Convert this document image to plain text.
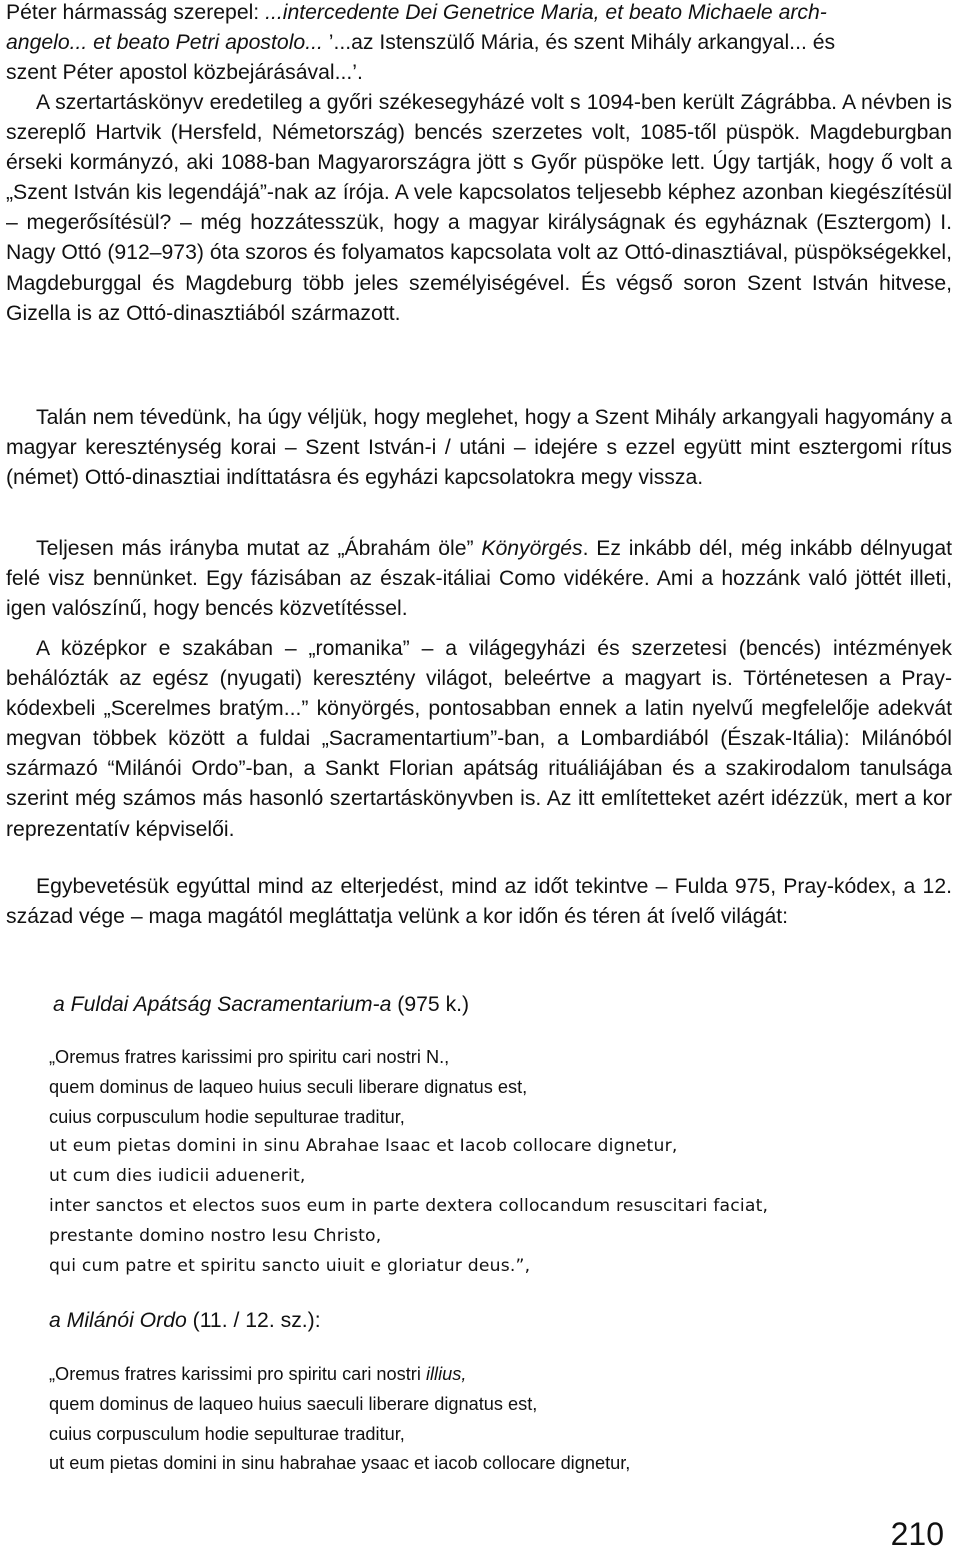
Péter hármasság szerepel: ...intercedente Dei Genetrice Maria, et beato Michaele arch-

angelo... et beato Petri apostolo... ’...az Istenszülő Mária, és szent Mihály arkangyal... és

szent Péter apostol közbejárásával...’.

A szertartáskönyv eredetileg a győri székesegyházé volt s 1094-ben került Zágrábba. A névben is szereplő Hartvik (Hersfeld, Németország) bencés szerzetes volt, 1085-től püspök. Magdeburgban érseki kormányzó, aki 1088-ban Magyarországra jött s Győr püspöke lett. Úgy tartják, hogy ő volt a „Szent István kis legendájá”-nak az írója. A vele kapcsolatos teljesebb képhez azonban kiegészítésül – megerősítésül? – még hozzátesszük, hogy a magyar királyságnak és egyháznak (Esztergom) I. Nagy Ottó (912–973) óta szoros és folyamatos kapcsolata volt az Ottó-dinasztiával, püspökségekkel, Magdeburggal és Magdeburg több jeles személyiségével. És végső soron Szent István hitvese, Gizella is az Ottó-dinasztiából származott.
Talán nem tévedünk, ha úgy véljük, hogy meglehet, hogy a Szent Mihály arkangyali hagyomány a magyar kereszténység korai – Szent István-i / utáni – idejére s ezzel együtt mint esztergomi rítus (német) Ottó-dinasztiai indíttatásra és egyházi kapcsolatokra megy vissza.
Teljesen más irányba mutat az „Ábrahám öle” Könyörgés. Ez inkább dél, még inkább délnyugat felé visz bennünket. Egy fázisában az észak-itáliai Como vidékére. Ami a hozzánk való jöttét illeti, igen valószínű, hogy bencés közvetítéssel.
A középkor e szakában – „romanika” – a világegyházi és szerzetesi (bencés) intézmények behálózták az egész (nyugati) keresztény világot, beleértve a magyart is. Történetesen a Pray-kódexbeli „Scerelmes bratým...” könyörgés, pontosabban ennek a latin nyelvű megfelelője adekvát megvan többek között a fuldai „Sacramentartium”-ban, a Lombardiából (Észak-Itália): Milánóból származó “Milánói Ordo”-ban, a Sankt Florian apátság rituáliájában és a szakirodalom tanulsága szerint még számos más hasonló szertartáskönyvben is. Az itt említetteket azért idézzük, mert a kor reprezentatív képviselői.
Egybevetésük egyúttal mind az elterjedést, mind az időt tekintve – Fulda 975, Pray-kódex, a 12. század vége – maga magától megláttatja velünk a kor időn és téren át ívelő világát:
a Fuldai Apátság Sacramentarium-a (975 k.)
„Oremus fratres karissimi pro spiritu cari nostri N.,
quem dominus de laqueo huius seculi liberare dignatus est,
cuius corpusculum hodie sepulturae traditur,
ut eum pietas domini in sinu Abrahae Isaac et Iacob collocare dignetur,
ut cum dies iudicii aduenerit,
inter sanctos et electos suos eum in parte dextera collocandum resuscitari faciat,
prestante domino nostro Iesu Christo,
qui cum patre et spiritu sancto uiuit e gloriatur deus.”,
a Milánói Ordo (11. / 12. sz.):
„Oremus fratres karissimi pro spiritu cari nostri illius,
quem dominus de laqueo huius saeculi liberare dignatus est,
cuius corpusculum hodie sepulturae traditur,
ut eum pietas domini in sinu habrahae ysaac et iacob collocare dignetur,
210
